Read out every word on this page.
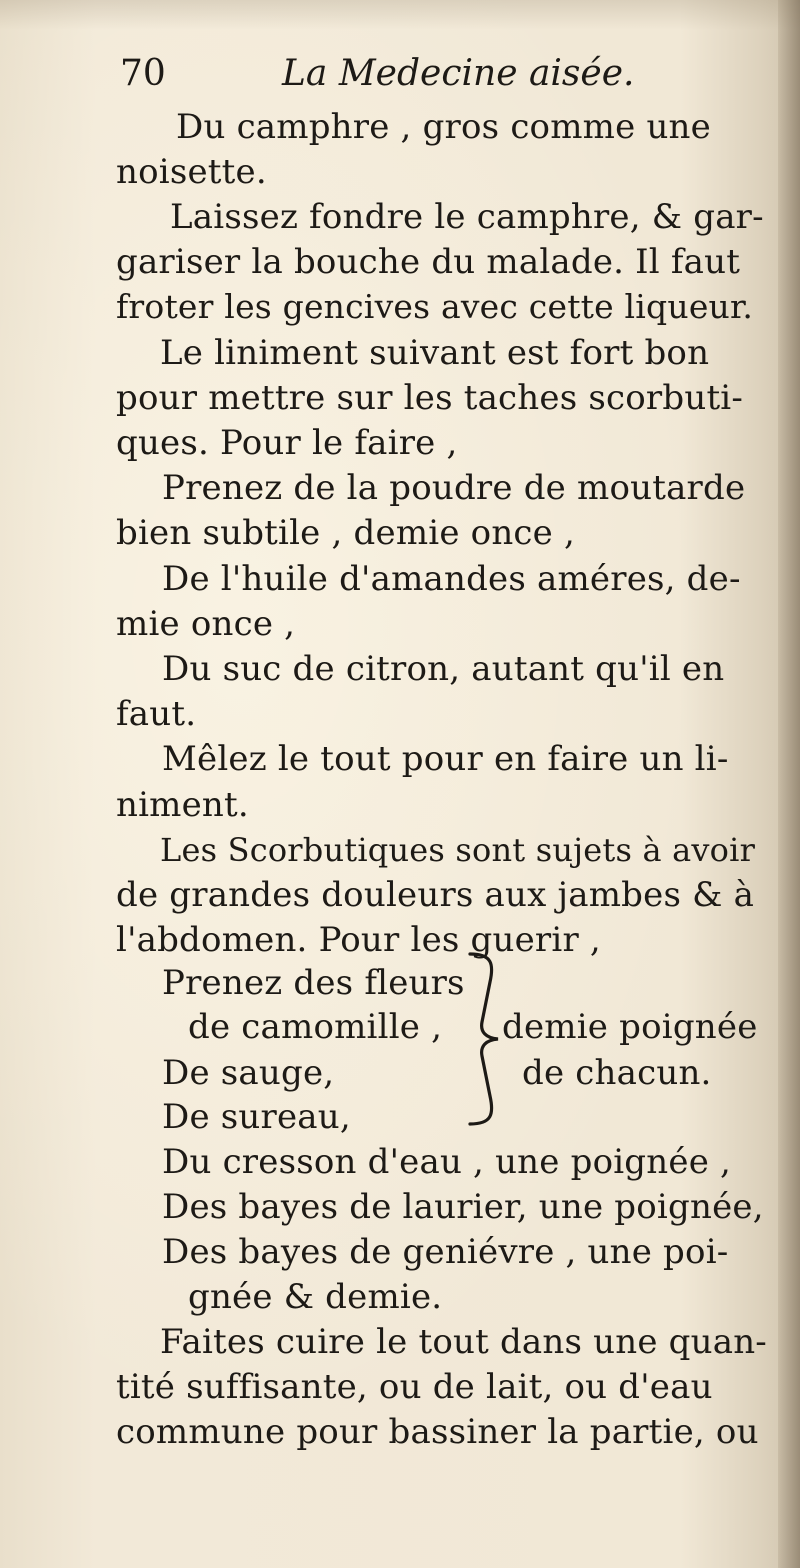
70	La Medecine aisée.
Du camphre , gros comme une
noisette.
Laissez fondre le camphre, & gar-
gariser la bouche du malade. Il faut
froter les gencives avec cette liqueur.
Le liniment suivant est fort bon
pour mettre sur les taches scorbuti-
ques. Pour le faire ,
Prenez de la poudre de moutarde
bien subtile , demie once ,
De l'huile d'amandes améres, de-
mie once ,
Du suc de citron, autant qu'il en
faut.
Mêlez le tout pour en faire un li-
niment.
Les Scorbutiques sont sujets à avoir
de grandes douleurs aux jambes & à
l'abdomen. Pour les guerir ,
Prenez des fleurs
de camomille ,
De sauge,
De sureau,
demie poignée
de chacun.
Du cresson d'eau , une poignée ,
Des bayes de laurier, une poignée,
Des bayes de geniévre , une poi-
gnée & demie.
Faites cuire le tout dans une quan-
tité suffisante, ou de lait, ou d'eau
commune pour bassiner la partie, ou
